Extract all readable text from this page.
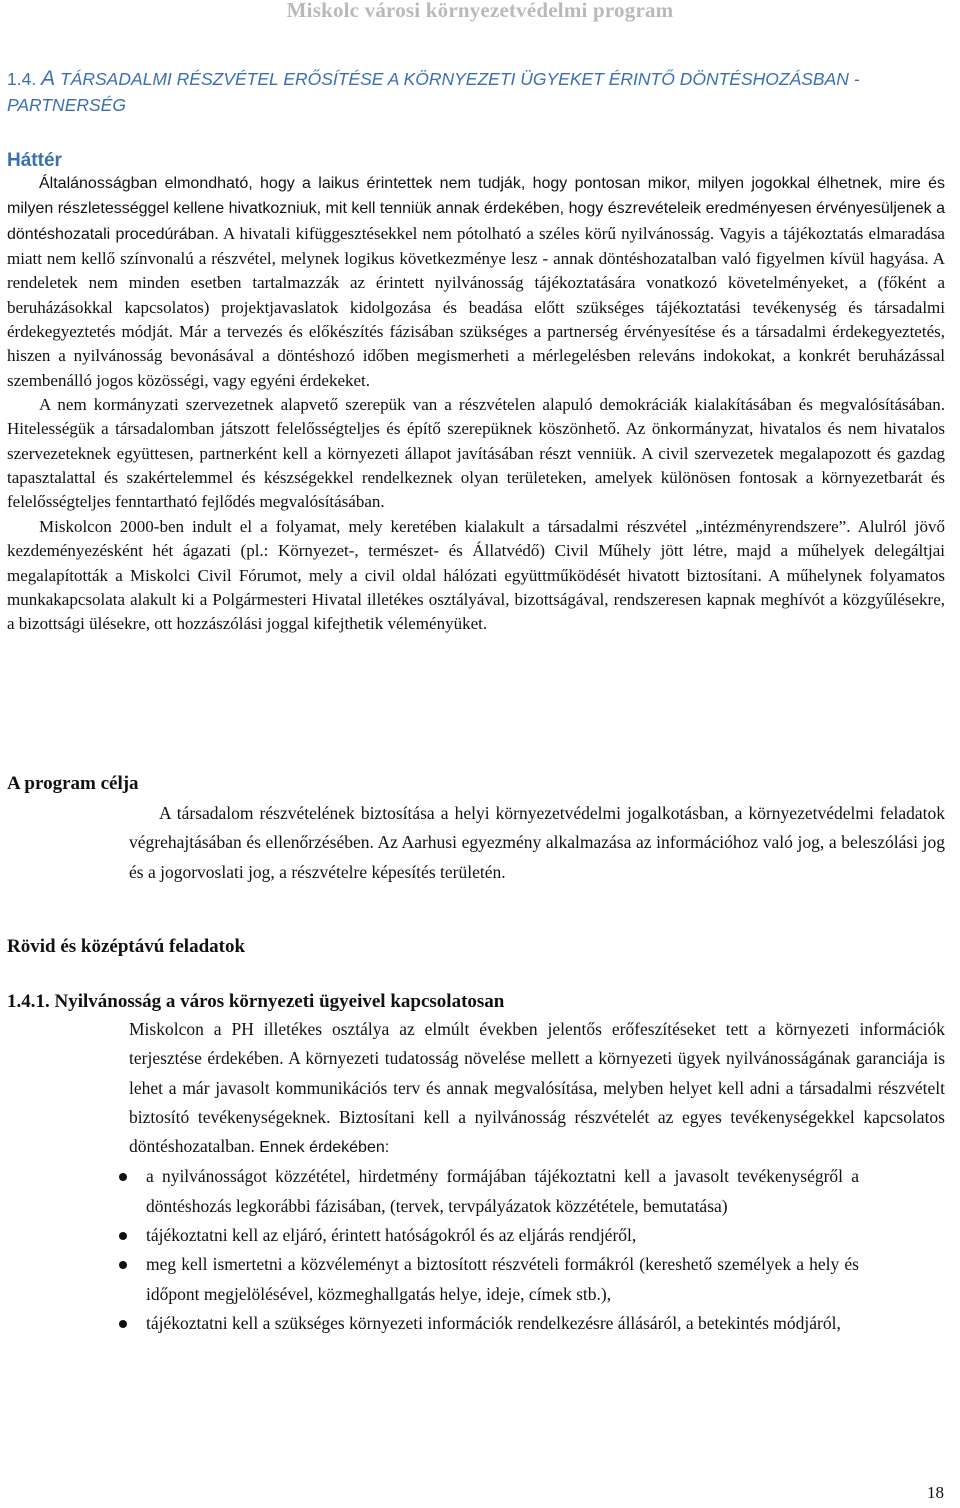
Miskolc városi környezetvédelmi program
1.4. A TÁRSADALMI RÉSZVÉTEL ERŐSÍTÉSE A KÖRNYEZETI ÜGYEKET ÉRINTŐ DÖNTÉSHOZÁSBAN - PARTNERSÉG
Háttér

Általánosságban elmondható, hogy a laikus érintettek nem tudják, hogy pontosan mikor, milyen jogokkal élhetnek, mire és milyen részletességgel kellene hivatkozniuk, mit kell tenniük annak érdekében, hogy észrevételeik eredményesen érvényesüljenek a döntéshozatali procedúrában. A hivatali kifüggesztésekkel nem pótolható a széles körű nyilvánosság. Vagyis a tájékoztatás elmaradása miatt nem kellő színvonalú a részvétel, melynek logikus következménye lesz - annak döntéshozatalban való figyelmen kívül hagyása. A rendeletek nem minden esetben tartalmazzák az érintett nyilvánosság tájékoztatására vonatkozó követelményeket, a (főként a beruházásokkal kapcsolatos) projektjavaslatok kidolgozása és beadása előtt szükséges tájékoztatási tevékenység és társadalmi érdekegyeztetés módját. Már a tervezés és előkészítés fázisában szükséges a partnerség érvényesítése és a társadalmi érdekegyeztetés, hiszen a nyilvánosság bevonásával a döntéshozó időben megismerheti a mérlegelésben releváns indokokat, a konkrét beruházással szembenálló jogos közösségi, vagy egyéni érdekeket.

A nem kormányzati szervezetnek alapvető szerepük van a részvételen alapuló demokráciák kialakításában és megvalósításában. Hitelességük a társadalomban játszott felelősségteljes és építő szerepüknek köszönhető. Az önkormányzat, hivatalos és nem hivatalos szervezeteknek együttesen, partnerként kell a környezeti állapot javításában részt venniük. A civil szervezetek megalapozott és gazdag tapasztalattal és szakértelemmel és készségekkel rendelkeznek olyan területeken, amelyek különösen fontosak a környezetbarát és felelősségteljes fenntartható fejlődés megvalósításában.

Miskolcon 2000-ben indult el a folyamat, mely keretében kialakult a társadalmi részvétel „intézményrendszere”. Alulról jövő kezdeményezésként hét ágazati (pl.: Környezet-, természet- és Állatvédő) Civil Műhely jött létre, majd a műhelyek delegáltjai megalapították a Miskolci Civil Fórumot, mely a civil oldal hálózati együttműködését hivatott biztosítani. A műhelynek folyamatos munkakapcsolata alakult ki a Polgármesteri Hivatal illetékes osztályával, bizottságával, rendszeresen kapnak meghívót a közgyűlésekre, a bizottsági ülésekre, ott hozzászólási joggal kifejthetik véleményüket.

A program célja

A társadalom részvételének biztosítása a helyi környezetvédelmi jogalkotásban, a környezetvédelmi feladatok végrehajtásában és ellenőrzésében. Az Aarhusi egyezmény alkalmazása az információhoz való jog, a beleszólási jog és a jogorvoslati jog, a részvételre képesítés területén.

Rövid és középtávú feladatok
1.4.1. Nyilvánosság a város környezeti ügyeivel kapcsolatosan

Miskolcon a PH illetékes osztálya az elmúlt években jelentős erőfeszítéseket tett a környezeti információk terjesztése érdekében. A környezeti tudatosság növelése mellett a környezeti ügyek nyilvánosságának garanciája is lehet a már javasolt kommunikációs terv és annak megvalósítása, melyben helyet kell adni a társadalmi részvételt biztosító tevékenységeknek. Biztosítani kell a nyilvánosság részvételét az egyes tevékenységekkel kapcsolatos döntéshozatalban. Ennek érdekében:

a nyilvánosságot közzététel, hirdetmény formájában tájékoztatni kell a javasolt tevékenységről a döntéshozás legkorábbi fázisában, (tervek, tervpályázatok közzététele, bemutatása)
tájékoztatni kell az eljáró, érintett hatóságokról és az eljárás rendjéről,
meg kell ismertetni a közvéleményt a biztosított részvételi formákról (kereshető személyek a hely és időpont megjelölésével, közmeghallgatás helye, ideje, címek stb.),
tájékoztatni kell a szükséges környezeti információk rendelkezésre állásáról, a betekintés módjáról,
18
